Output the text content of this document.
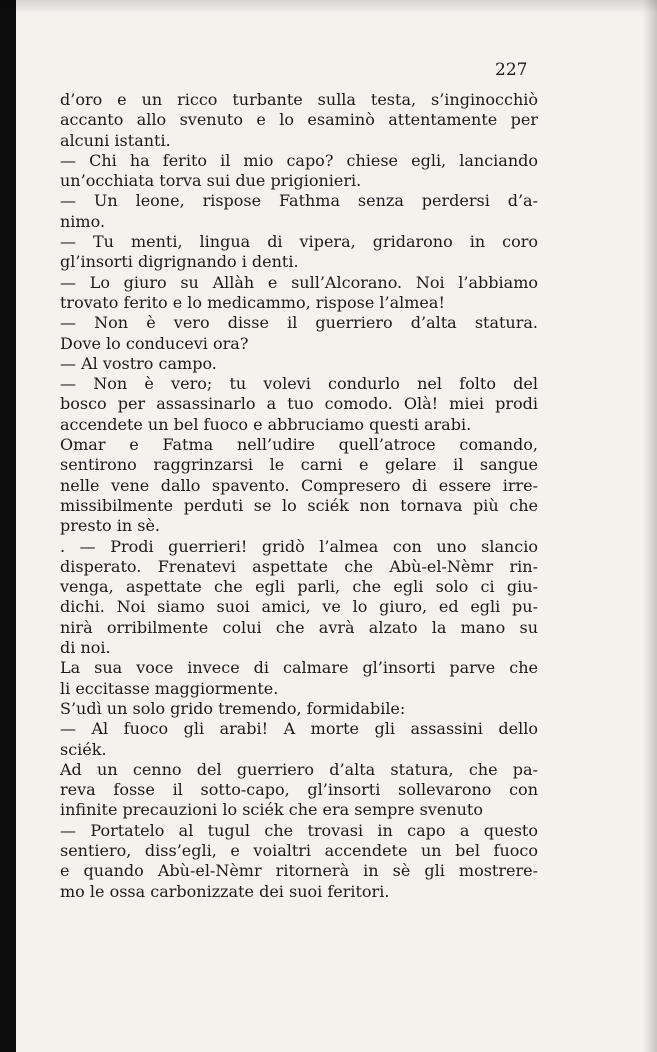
227
d’oro e un ricco turbante sulla testa, s’inginocchiò
accanto allo svenuto e lo esaminò attentamente per
alcuni istanti.
— Chi ha ferito il mio capo? chiese egli, lanciando
un’occhiata torva sui due prigionieri.
— Un leone, rispose Fathma senza perdersi d’a-
nimo.
— Tu menti, lingua di vipera, gridarono in coro
gl’insorti digrignando i denti.
— Lo giuro su Allàh e sull’Alcorano. Noi l’abbiamo
trovato ferito e lo medicammo, rispose l’almea!
— Non è vero disse il guerriero d’alta statura.
Dove lo conducevi ora?
— Al vostro campo.
— Non è vero; tu volevi condurlo nel folto del
bosco per assassinarlo a tuo comodo. Olà! miei prodi
accendete un bel fuoco e abbruciamo questi arabi.
Omar e Fatma nell’udire quell’atroce comando,
sentirono raggrinzarsi le carni e gelare il sangue
nelle vene dallo spavento. Compresero di essere irre-
missibilmente perduti se lo sciék non tornava più che
presto in sè.
. — Prodi guerrieri! gridò l’almea con uno slancio
disperato. Frenatevi aspettate che Abù-el-Nèmr rin-
venga, aspettate che egli parli, che egli solo ci giu-
dichi. Noi siamo suoi amici, ve lo giuro, ed egli pu-
nirà orribilmente colui che avrà alzato la mano su
di noi.
La sua voce invece di calmare gl’insorti parve che
li eccitasse maggiormente.
S’udì un solo grido tremendo, formidabile:
— Al fuoco gli arabi! A morte gli assassini dello
sciék.
Ad un cenno del guerriero d’alta statura, che pa-
reva fosse il sotto-capo, gl’insorti sollevarono con
infinite precauzioni lo sciék che era sempre svenuto
— Portatelo al tugul che trovasi in capo a questo
sentiero, diss’egli, e voialtri accendete un bel fuoco
e quando Abù-el-Nèmr ritornerà in sè gli mostrere-
mo le ossa carbonizzate dei suoi feritori.
